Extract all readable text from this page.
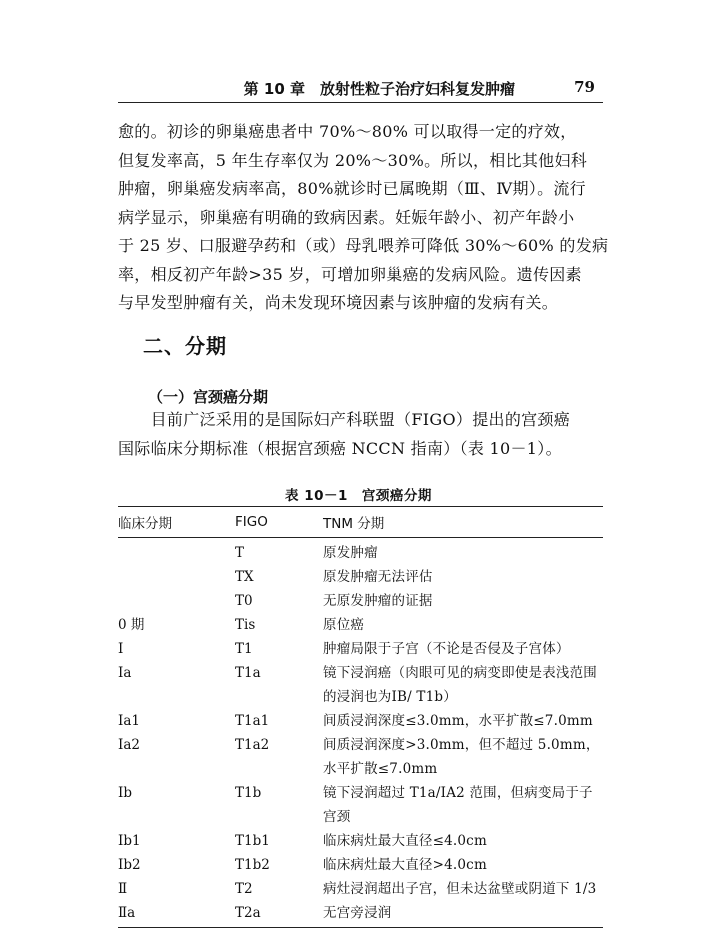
第 10 章　放射性粒子治疗妇科复发肿瘤	79
愈的。初诊的卵巢癌患者中 70%～80% 可以取得一定的疗效，
但复发率高，5 年生存率仅为 20%～30%。所以，相比其他妇科
肿瘤，卵巢癌发病率高，80%就诊时已属晚期（Ⅲ、Ⅳ期）。流行
病学显示，卵巢癌有明确的致病因素。妊娠年龄小、初产年龄小
于 25 岁、口服避孕药和（或）母乳喂养可降低 30%～60% 的发病
率，相反初产年龄>35 岁，可增加卵巢癌的发病风险。遗传因素
与早发型肿瘤有关，尚未发现环境因素与该肿瘤的发病有关。
二、分期
（一）宫颈癌分期
　　目前广泛采用的是国际妇产科联盟（FIGO）提出的宫颈癌
国际临床分期标准（根据宫颈癌 NCCN 指南）（表 10－1）。
表 10－1　宫颈癌分期
临床分期	FIGO	TNM 分期
	T	原发肿瘤
	TX	原发肿瘤无法评估
	T0	无原发肿瘤的证据
0 期	Tis	原位癌
Ⅰ	T1	肿瘤局限于子宫（不论是否侵及子宫体）
Ⅰa	T1a	镜下浸润癌（肉眼可见的病变即使是表浅范围的浸润也为ⅠB/ T1b）
Ⅰa1	T1a1	间质浸润深度≤3.0mm，水平扩散≤7.0mm
Ⅰa2	T1a2	间质浸润深度>3.0mm，但不超过 5.0mm，水平扩散≤7.0mm
Ⅰb	T1b	镜下浸润超过 T1a/ⅠA2 范围，但病变局于子宫颈
Ⅰb1	T1b1	临床病灶最大直径≤4.0cm
Ⅰb2	T1b2	临床病灶最大直径>4.0cm
Ⅱ	T2	病灶浸润超出子宫，但未达盆壁或阴道下 1/3
Ⅱa	T2a	无宫旁浸润
